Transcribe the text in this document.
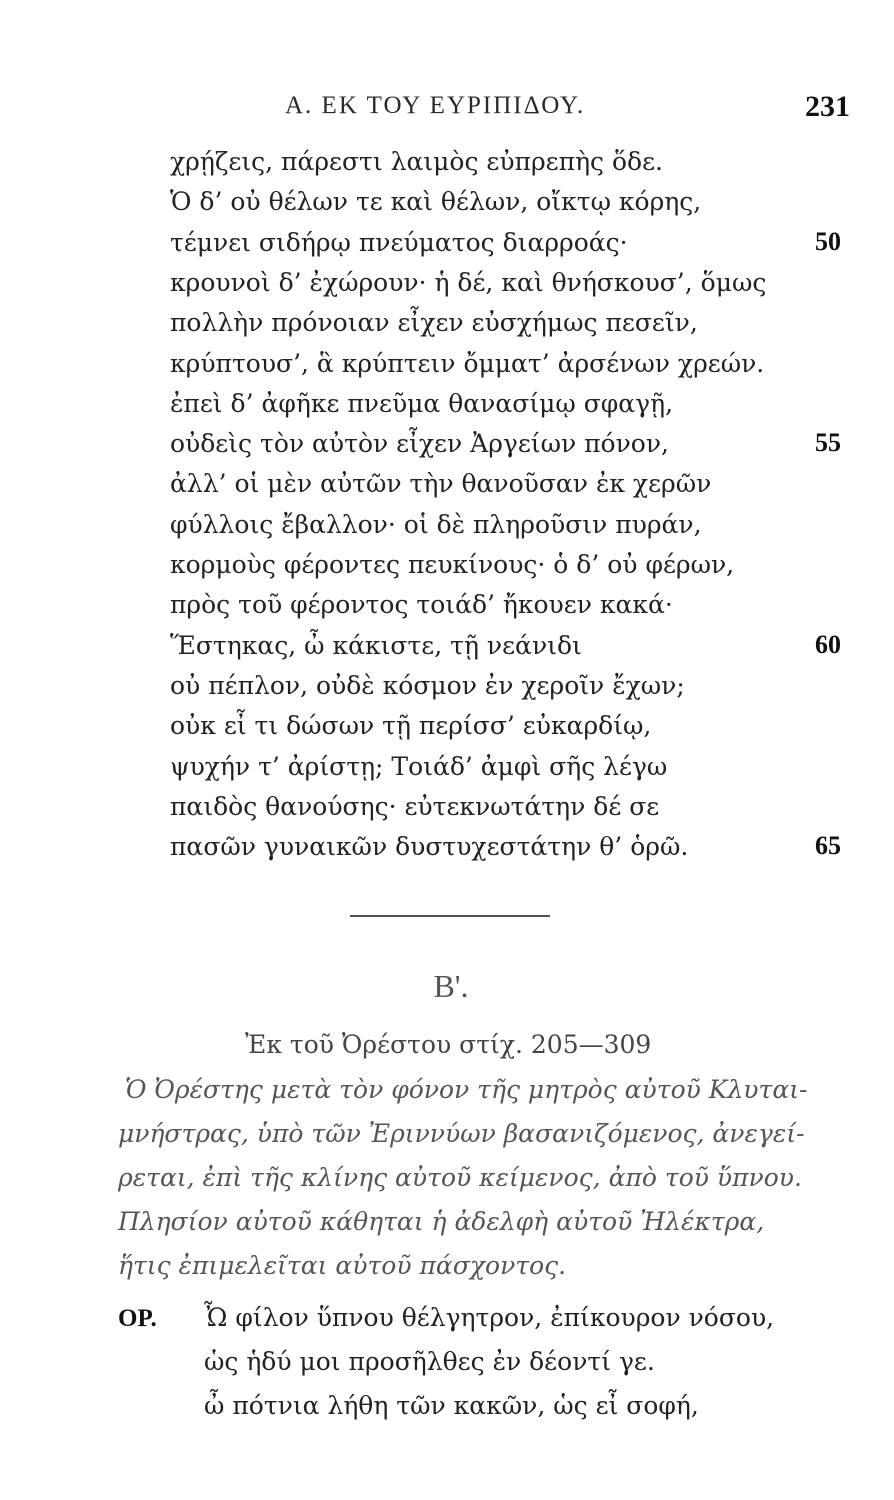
Α. ΕΚ ΤΟΥ ΕΥΡΙΠΙΔΟΥ.	231
χρῄζεις, πάρεστι λαιμὸς εὐπρεπὴς ὅδε.
Ὁ δ’ οὐ θέλων τε καὶ θέλων, οἴκτῳ κόρης,
τέμνει σιδήρῳ πνεύματος διαρροάς·
κρουνοὶ δ’ ἐχώρουν· ἡ δέ, καὶ θνήσκουσ’, ὅμως
πολλὴν πρόνοιαν εἶχεν εὐσχήμως πεσεῖν,
κρύπτουσ’, ἃ κρύπτειν ὄμματ’ ἀρσένων χρεών.
ἐπεὶ δ’ ἀφῆκε πνεῦμα θανασίμῳ σφαγῇ,
οὐδεὶς τὸν αὐτὸν εἶχεν Ἀργείων πόνον,
ἀλλ’ οἱ μὲν αὐτῶν τὴν θανοῦσαν ἐκ χερῶν
φύλλοις ἔβαλλον· οἱ δὲ πληροῦσιν πυράν,
κορμοὺς φέροντες πευκίνους· ὁ δ’ οὐ φέρων,
πρὸς τοῦ φέροντος τοιάδ’ ἤκουεν κακά·
Ἕστηκας, ὦ κάκιστε, τῇ νεάνιδι
οὐ πέπλον, οὐδὲ κόσμον ἐν χεροῖν ἔχων;
οὐκ εἶ τι δώσων τῇ περίσσ’ εὐκαρδίῳ,
ψυχήν τ’ ἀρίστῃ; Τοιάδ’ ἀμφὶ σῆς λέγω
παιδὸς θανούσης· εὐτεκνωτάτην δέ σε
πασῶν γυναικῶν δυστυχεστάτην θ’ ὁρῶ.
50
55
60
65
Β'.
Ἐκ τοῦ Ὀρέστου στίχ. 205—309
Ὁ Ὀρέστης μετὰ τὸν φόνον τῆς μητρὸς αὐτοῦ Κλυται-
μνήστρας, ὑπὸ τῶν Ἐριννύων βασανιζόμενος, ἀνεγεί-
ρεται, ἐπὶ τῆς κλίνης αὐτοῦ κείμενος, ἀπὸ τοῦ ὕπνου.
Πλησίον αὐτοῦ κάθηται ἡ ἀδελφὴ αὐτοῦ Ἠλέκτρα,
ἥτις ἐπιμελεῖται αὐτοῦ πάσχοντος.
ΟΡ. Ὦ φίλον ὕπνου θέλγητρον, ἐπίκουρον νόσου,
ὡς ἡδύ μοι προσῆλθες ἐν δέοντί γε.
ὦ πότνια λήθη τῶν κακῶν, ὡς εἶ σοφή,
